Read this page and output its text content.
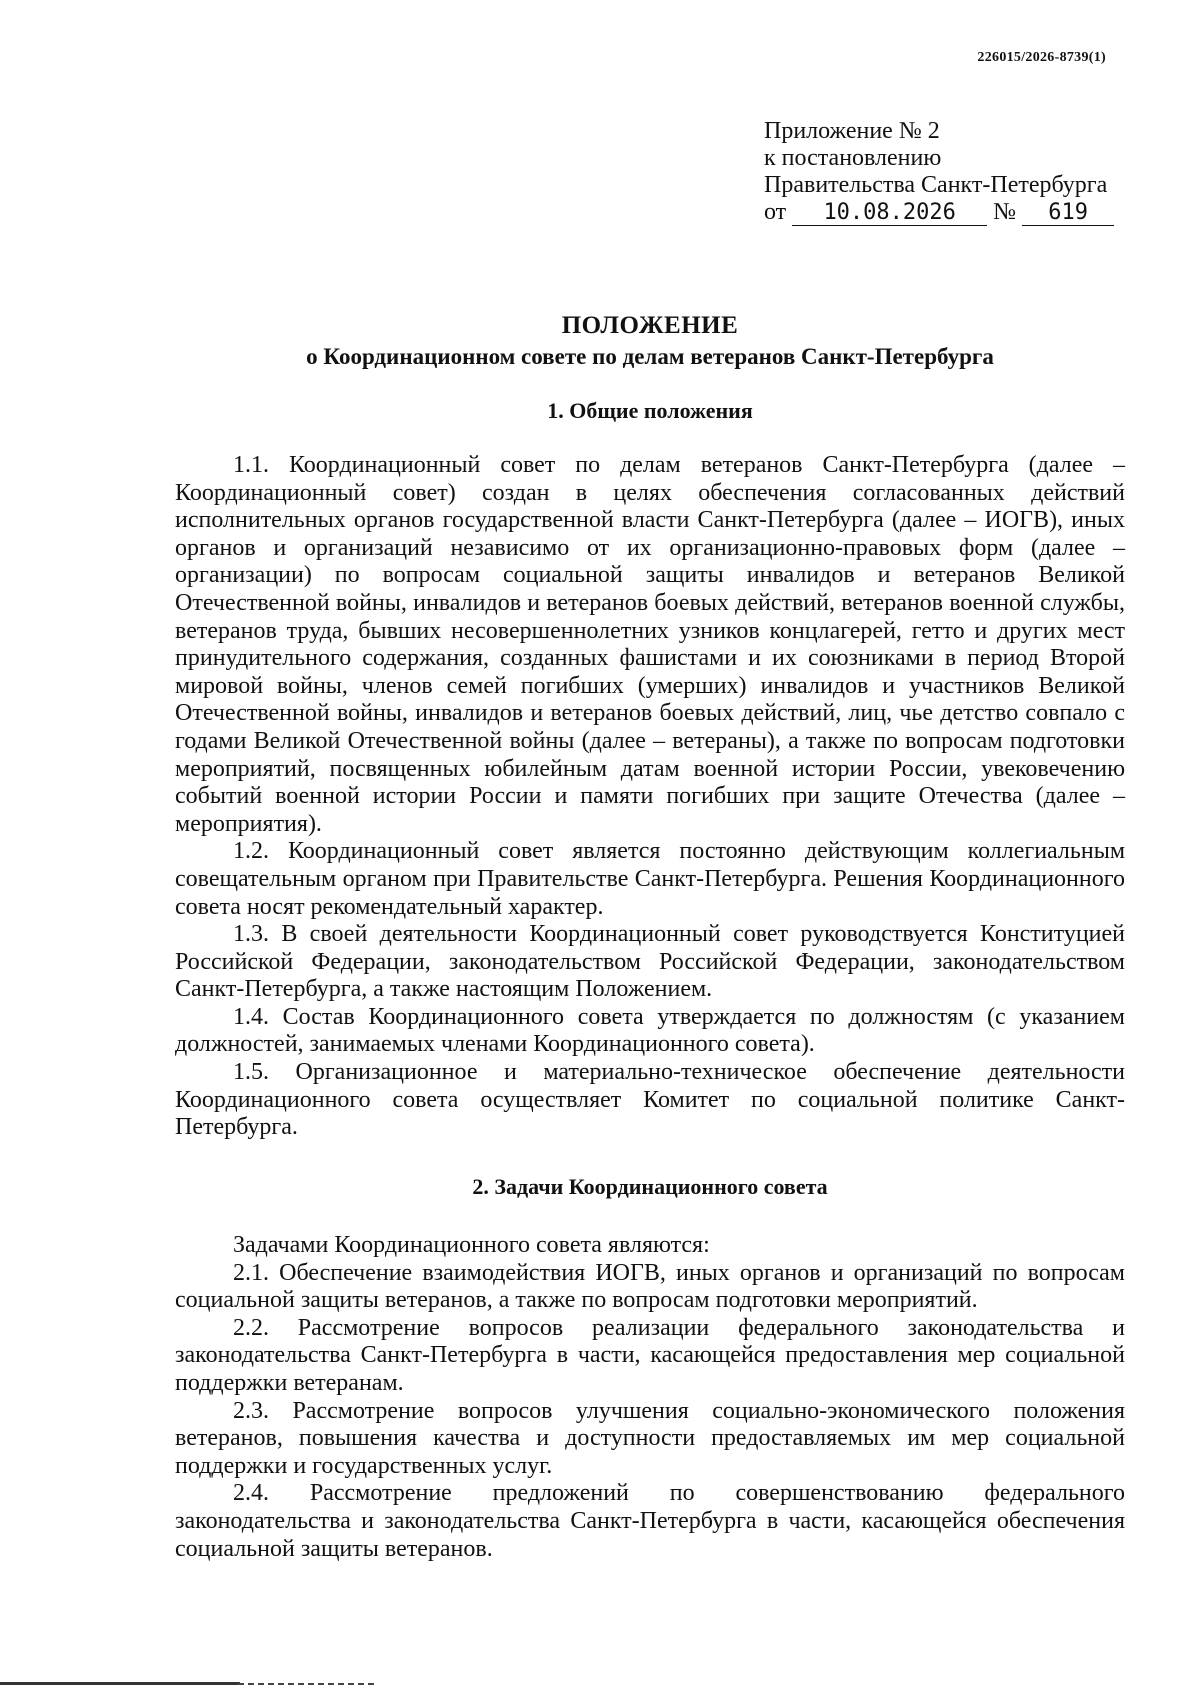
226015/2026-8739(1)
Приложение № 2
к постановлению
Правительства Санкт-Петербурга
от 10.08.2026 № 619
ПОЛОЖЕНИЕ
о Координационном совете по делам ветеранов Санкт-Петербурга
1. Общие положения

1.1. Координационный совет по делам ветеранов Санкт-Петербурга (далее – Координационный совет) создан в целях обеспечения согласованных действий исполнительных органов государственной власти Санкт-Петербурга (далее – ИОГВ), иных органов и организаций независимо от их организационно-правовых форм (далее – организации) по вопросам социальной защиты инвалидов и ветеранов Великой Отечественной войны, инвалидов и ветеранов боевых действий, ветеранов военной службы, ветеранов труда, бывших несовершеннолетних узников концлагерей, гетто и других мест принудительного содержания, созданных фашистами и их союзниками в период Второй мировой войны, членов семей погибших (умерших) инвалидов и участников Великой Отечественной войны, инвалидов и ветеранов боевых действий, лиц, чье детство совпало с годами Великой Отечественной войны (далее – ветераны), а также по вопросам подготовки мероприятий, посвященных юбилейным датам военной истории России, увековечению событий военной истории России и памяти погибших при защите Отечества (далее – мероприятия).

1.2. Координационный совет является постоянно действующим коллегиальным совещательным органом при Правительстве Санкт-Петербурга. Решения Координационного совета носят рекомендательный характер.

1.3. В своей деятельности Координационный совет руководствуется Конституцией Российской Федерации, законодательством Российской Федерации, законодательством Санкт-Петербурга, а также настоящим Положением.

1.4. Состав Координационного совета утверждается по должностям (с указанием должностей, занимаемых членами Координационного совета).

1.5. Организационное и материально-техническое обеспечение деятельности Координационного совета осуществляет Комитет по социальной политике Санкт-Петербурга.

2. Задачи Координационного совета

Задачами Координационного совета являются:

2.1. Обеспечение взаимодействия ИОГВ, иных органов и организаций по вопросам социальной защиты ветеранов, а также по вопросам подготовки мероприятий.

2.2. Рассмотрение вопросов реализации федерального законодательства и законодательства Санкт-Петербурга в части, касающейся предоставления мер социальной поддержки ветеранам.

2.3. Рассмотрение вопросов улучшения социально-экономического положения ветеранов, повышения качества и доступности предоставляемых им мер социальной поддержки и государственных услуг.

2.4. Рассмотрение предложений по совершенствованию федерального законодательства и законодательства Санкт-Петербурга в части, касающейся обеспечения социальной защиты ветеранов.
